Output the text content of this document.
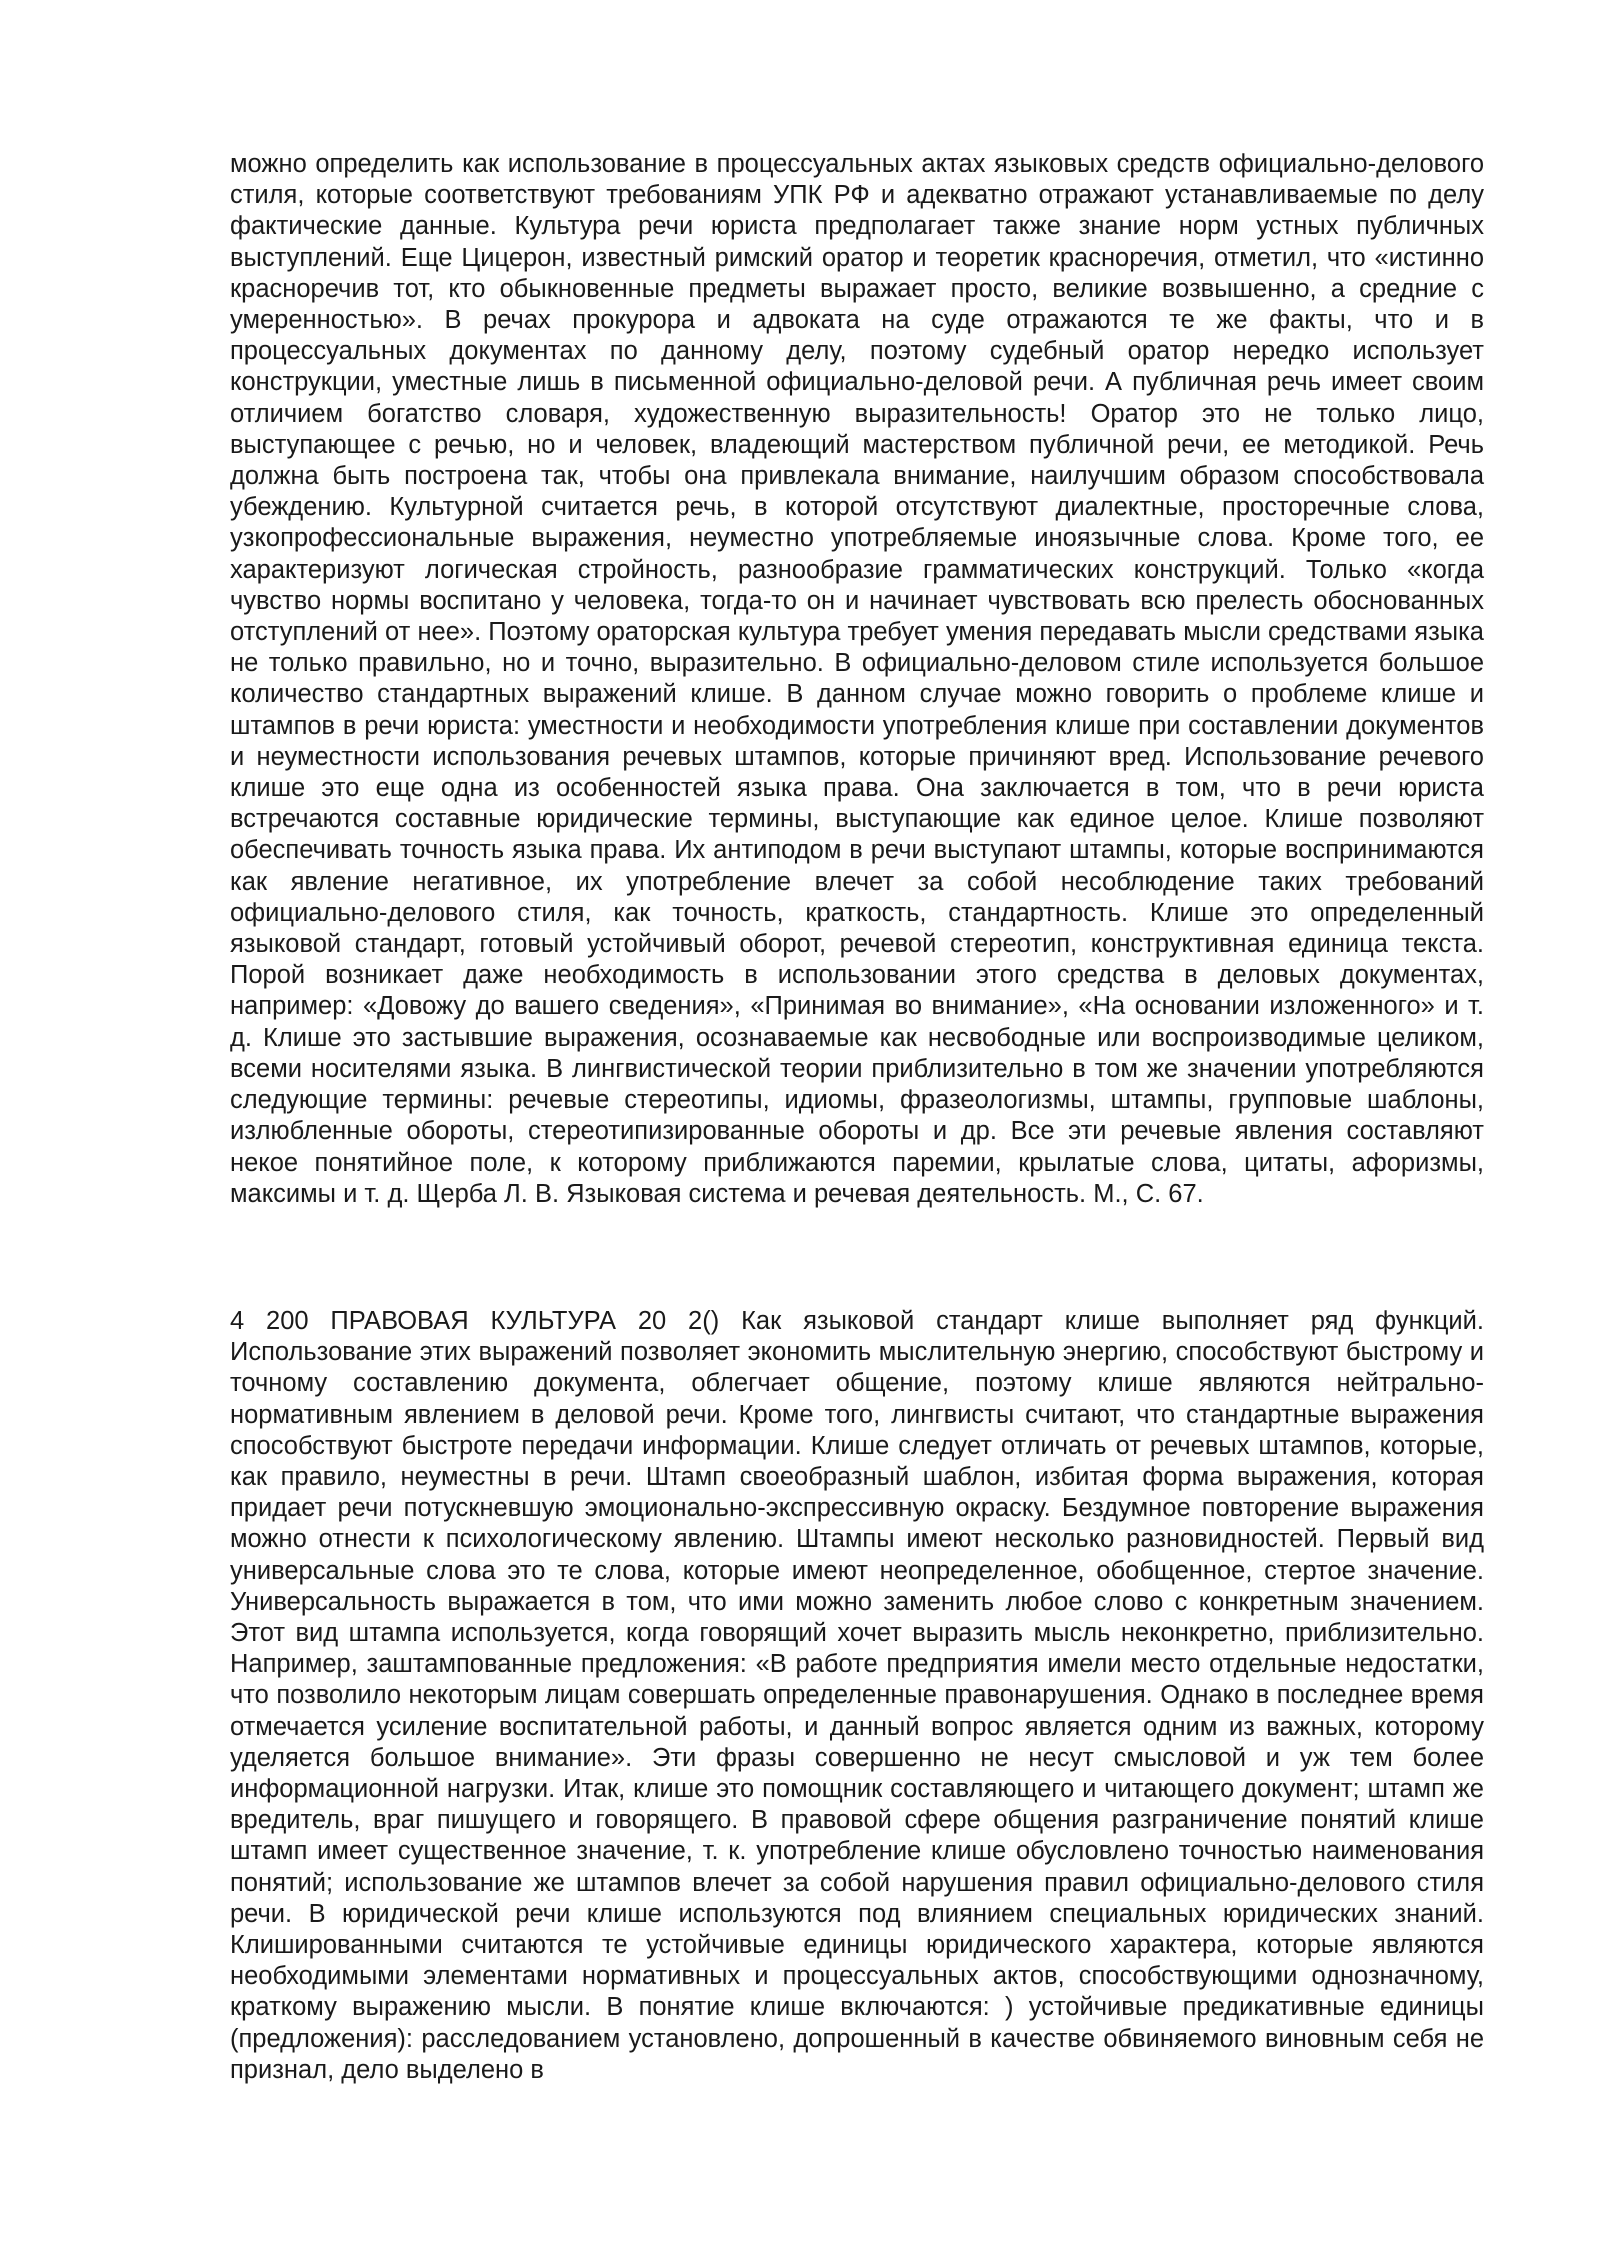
можно определить как использование в процессуальных актах языковых средств официально-делового стиля, которые соответствуют требованиям УПК РФ и адекватно отражают устанавливаемые по делу фактические данные. Культура речи юриста предполагает также знание норм устных публичных выступлений. Еще Цицерон, известный римский оратор и теоретик красноречия, отметил, что «истинно красноречив тот, кто обыкновенные предметы выражает просто, великие возвышенно, а средние с умеренностью». В речах прокурора и адвоката на суде отражаются те же факты, что и в процессуальных документах по данному делу, поэтому судебный оратор нередко использует конструкции, уместные лишь в письменной официально-деловой речи. А публичная речь имеет своим отличием богатство словаря, художественную выразительность! Оратор это не только лицо, выступающее с речью, но и человек, владеющий мастерством публичной речи, ее методикой. Речь должна быть построена так, чтобы она привлекала внимание, наилучшим образом способствовала убеждению. Культурной считается речь, в которой отсутствуют диалектные, просторечные слова, узкопрофессиональные выражения, неуместно употребляемые иноязычные слова. Кроме того, ее характеризуют логическая стройность, разнообразие грамматических конструкций. Только «когда чувство нормы воспитано у человека, тогда-то он и начинает чувствовать всю прелесть обоснованных отступлений от нее». Поэтому ораторская культура требует умения передавать мысли средствами языка не только правильно, но и точно, выразительно. В официально-деловом стиле используется большое количество стандартных выражений клише. В данном случае можно говорить о проблеме клише и штампов в речи юриста: уместности и необходимости употребления клише при составлении документов и неуместности использования речевых штампов, которые причиняют вред. Использование речевого клише это еще одна из особенностей языка права. Она заключается в том, что в речи юриста встречаются составные юридические термины, выступающие как единое целое. Клише позволяют обеспечивать точность языка права. Их антиподом в речи выступают штампы, которые воспринимаются как явление негативное, их употребление влечет за собой несоблюдение таких требований официально-делового стиля, как точность, краткость, стандартность. Клише это определенный языковой стандарт, готовый устойчивый оборот, речевой стереотип, конструктивная единица текста. Порой возникает даже необходимость в использовании этого средства в деловых документах, например: «Довожу до вашего сведения», «Принимая во внимание», «На основании изложенного» и т. д. Клише это застывшие выражения, осознаваемые как несвободные или воспроизводимые целиком, всеми носителями языка. В лингвистической теории приблизительно в том же значении употребляются следующие термины: речевые стереотипы, идиомы, фразеологизмы, штампы, групповые шаблоны, излюбленные обороты, стереотипизированные обороты и др. Все эти речевые явления составляют некое понятийное поле, к которому приближаются паремии, крылатые слова, цитаты, афоризмы, максимы и т. д. Щерба Л. В. Языковая система и речевая деятельность. М., С. 67.

4 200 ПРАВОВАЯ КУЛЬТУРА 20 2() Как языковой стандарт клише выполняет ряд функций. Использование этих выражений позволяет экономить мыслительную энергию, способствуют быстрому и точному составлению документа, облегчает общение, поэтому клише являются нейтрально-нормативным явлением в деловой речи. Кроме того, лингвисты считают, что стандартные выражения способствуют быстроте передачи информации. Клише следует отличать от речевых штампов, которые, как правило, неуместны в речи. Штамп своеобразный шаблон, избитая форма выражения, которая придает речи потускневшую эмоционально-экспрессивную окраску. Бездумное повторение выражения можно отнести к психологическому явлению. Штампы имеют несколько разновидностей. Первый вид универсальные слова это те слова, которые имеют неопределенное, обобщенное, стертое значение. Универсальность выражается в том, что ими можно заменить любое слово с конкретным значением. Этот вид штампа используется, когда говорящий хочет выразить мысль неконкретно, приблизительно. Например, заштампованные предложения: «В работе предприятия имели место отдельные недостатки, что позволило некоторым лицам совершать определенные правонарушения. Однако в последнее время отмечается усиление воспитательной работы, и данный вопрос является одним из важных, которому уделяется большое внимание». Эти фразы совершенно не несут смысловой и уж тем более информационной нагрузки. Итак, клише это помощник составляющего и читающего документ; штамп же вредитель, враг пишущего и говорящего. В правовой сфере общения разграничение понятий клише штамп имеет существенное значение, т. к. употребление клише обусловлено точностью наименования понятий; использование же штампов влечет за собой нарушения правил официально-делового стиля речи. В юридической речи клише используются под влиянием специальных юридических знаний. Клишированными считаются те устойчивые единицы юридического характера, которые являются необходимыми элементами нормативных и процессуальных актов, способствующими однозначному, краткому выражению мысли. В понятие клише включаются: ) устойчивые предикативные единицы (предложения): расследованием установлено, допрошенный в качестве обвиняемого виновным себя не признал, дело выделено в
